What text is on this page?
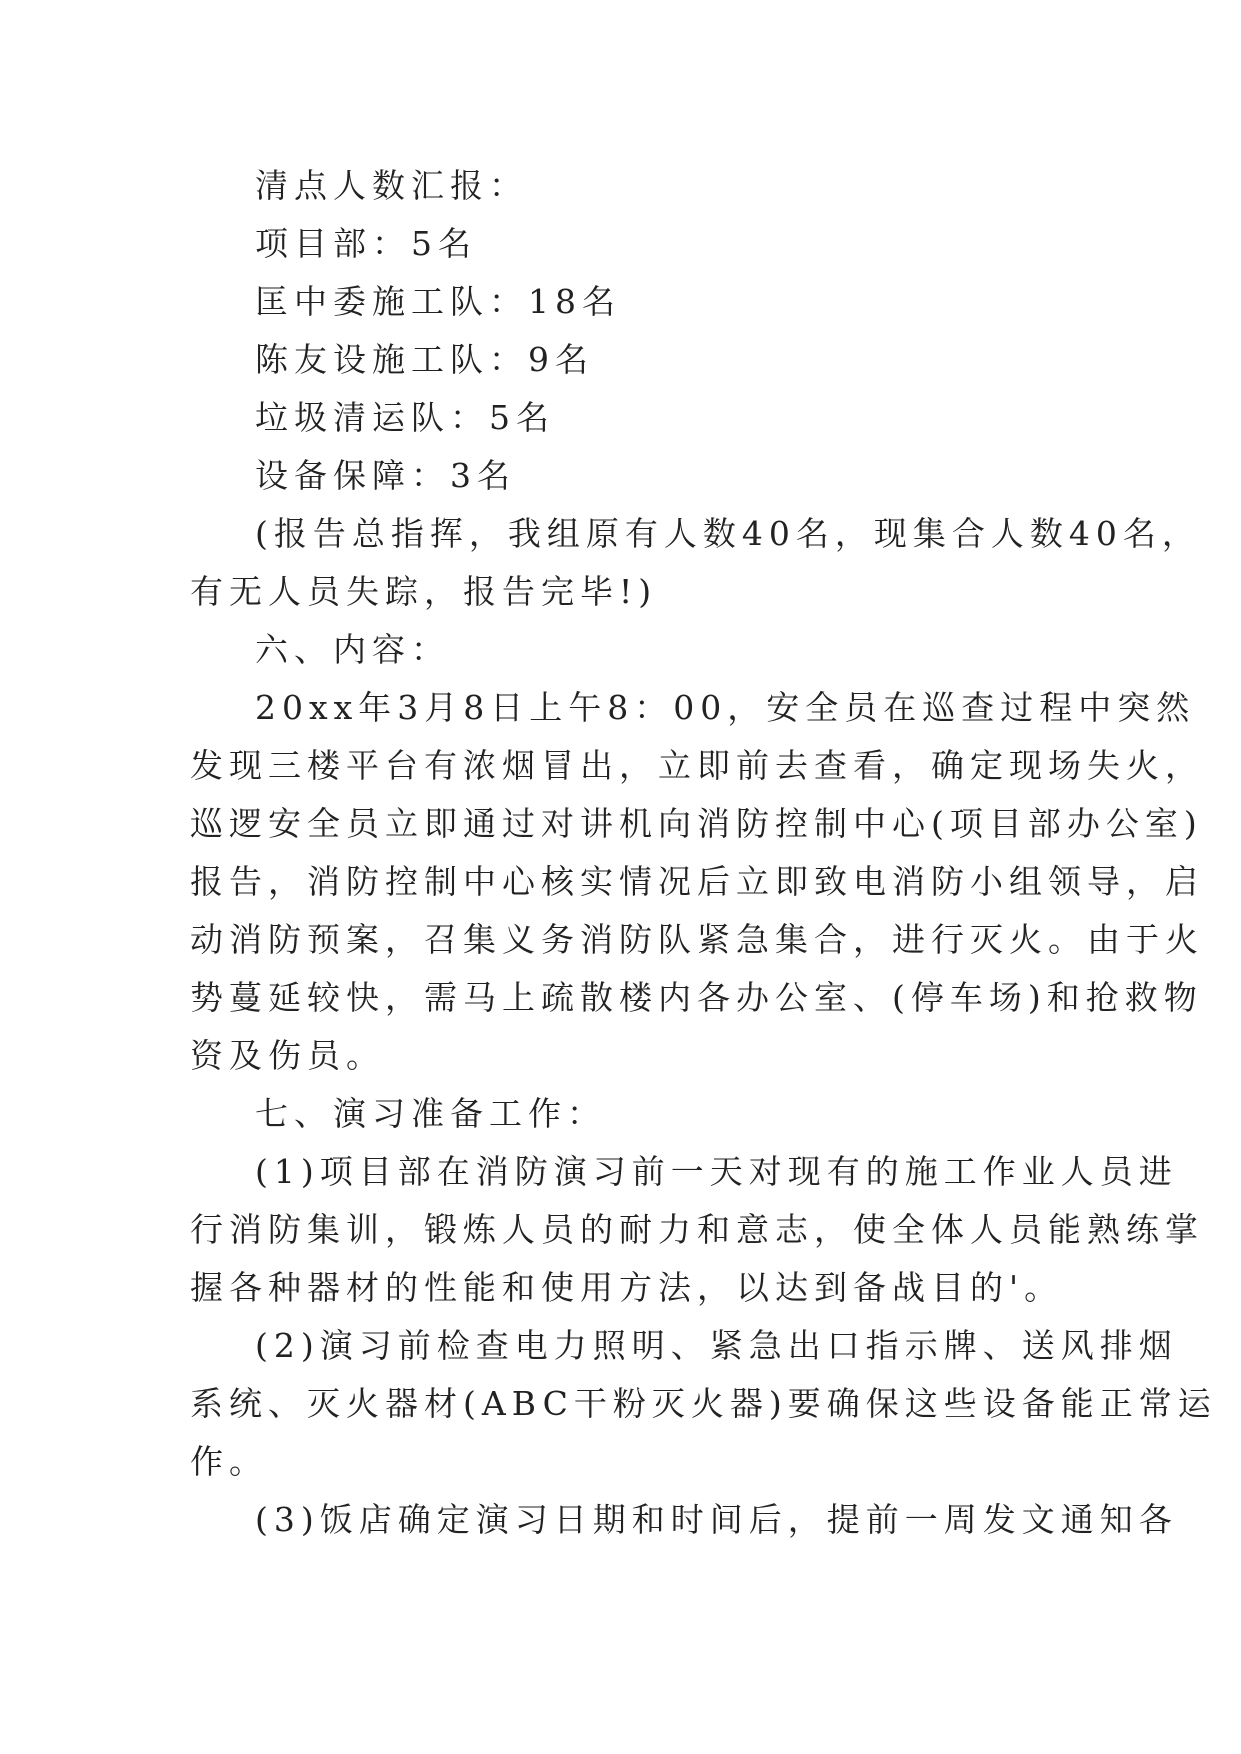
清点人数汇报：
项目部：5名
匡中委施工队：18名
陈友设施工队：9名
垃圾清运队：5名
设备保障：3名
(报告总指挥，我组原有人数40名，现集合人数40名，
有无人员失踪，报告完毕!)
六、内容：
20xx年3月8日上午8：00，安全员在巡查过程中突然
发现三楼平台有浓烟冒出，立即前去查看，确定现场失火，
巡逻安全员立即通过对讲机向消防控制中心(项目部办公室)
报告，消防控制中心核实情况后立即致电消防小组领导，启
动消防预案，召集义务消防队紧急集合，进行灭火。由于火
势蔓延较快，需马上疏散楼内各办公室、(停车场)和抢救物
资及伤员。
七、演习准备工作：
(1)项目部在消防演习前一天对现有的施工作业人员进
行消防集训，锻炼人员的耐力和意志，使全体人员能熟练掌
握各种器材的性能和使用方法，以达到备战目的'。
(2)演习前检查电力照明、紧急出口指示牌、送风排烟
系统、灭火器材(ABC干粉灭火器)要确保这些设备能正常运
作。
(3)饭店确定演习日期和时间后，提前一周发文通知各
